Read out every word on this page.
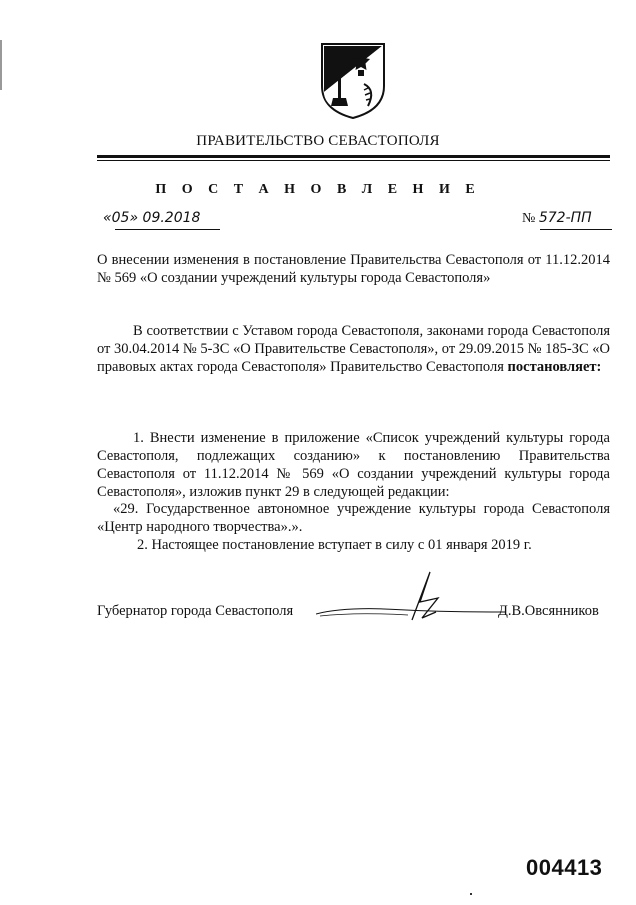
ПРАВИТЕЛЬСТВО СЕВАСТОПОЛЯ
П О С Т А Н О В Л Е Н И Е
«05» 09.2018	№ 572-ПП
О внесении изменения в постановление Правительства Севастополя от 11.12.2014 № 569 «О создании учреждений культуры города Севастополя»
В соответствии с Уставом города Севастополя, законами города Севастополя от 30.04.2014 № 5-ЗС «О Правительстве Севастополя», от 29.09.2015 № 185-ЗС «О правовых актах города Севастополя» Правительство Севастополя постановляет:
1. Внести изменение в приложение «Список учреждений культуры города Севастополя, подлежащих созданию» к постановлению Правительства Севастополя от 11.12.2014 № 569 «О создании учреждений культуры города Севастополя», изложив пункт 29 в следующей редакции:
«29. Государственное автономное учреждение культуры города Севастополя «Центр народного творчества».».
2. Настоящее постановление вступает в силу с 01 января 2019 г.
Губернатор города Севастополя	Д.В.Овсянников
004413
